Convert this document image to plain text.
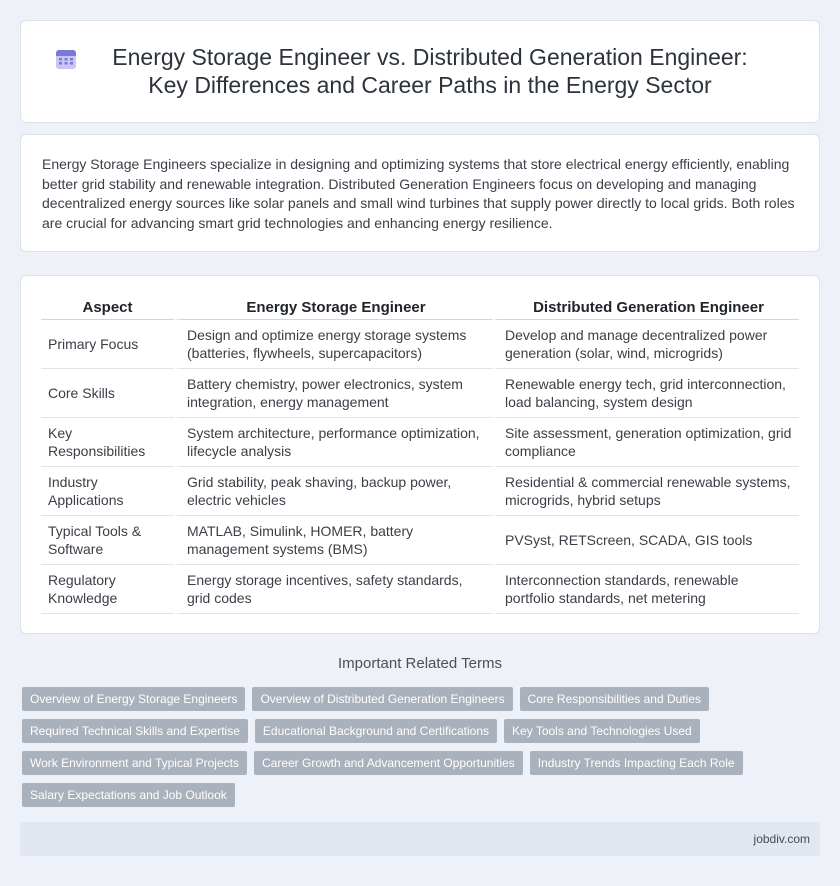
Energy Storage Engineer vs. Distributed Generation Engineer: Key Differences and Career Paths in the Energy Sector

Energy Storage Engineers specialize in designing and optimizing systems that store electrical energy efficiently, enabling better grid stability and renewable integration. Distributed Generation Engineers focus on developing and managing decentralized energy sources like solar panels and small wind turbines that supply power directly to local grids. Both roles are crucial for advancing smart grid technologies and enhancing energy resilience.

Aspect	Energy Storage Engineer	Distributed Generation Engineer
Primary Focus	Design and optimize energy storage systems (batteries, flywheels, supercapacitors)	Develop and manage decentralized power generation (solar, wind, microgrids)
Core Skills	Battery chemistry, power electronics, system integration, energy management	Renewable energy tech, grid interconnection, load balancing, system design
Key Responsibilities	System architecture, performance optimization, lifecycle analysis	Site assessment, generation optimization, grid compliance
Industry Applications	Grid stability, peak shaving, backup power, electric vehicles	Residential & commercial renewable systems, microgrids, hybrid setups
Typical Tools & Software	MATLAB, Simulink, HOMER, battery management systems (BMS)	PVSyst, RETScreen, SCADA, GIS tools
Regulatory Knowledge	Energy storage incentives, safety standards, grid codes	Interconnection standards, renewable portfolio standards, net metering
Important Related Terms
Overview of Energy Storage Engineers	Overview of Distributed Generation Engineers	Core Responsibilities and Duties
Required Technical Skills and Expertise	Educational Background and Certifications	Key Tools and Technologies Used
Work Environment and Typical Projects	Career Growth and Advancement Opportunities	Industry Trends Impacting Each Role
Salary Expectations and Job Outlook
jobdiv.com
